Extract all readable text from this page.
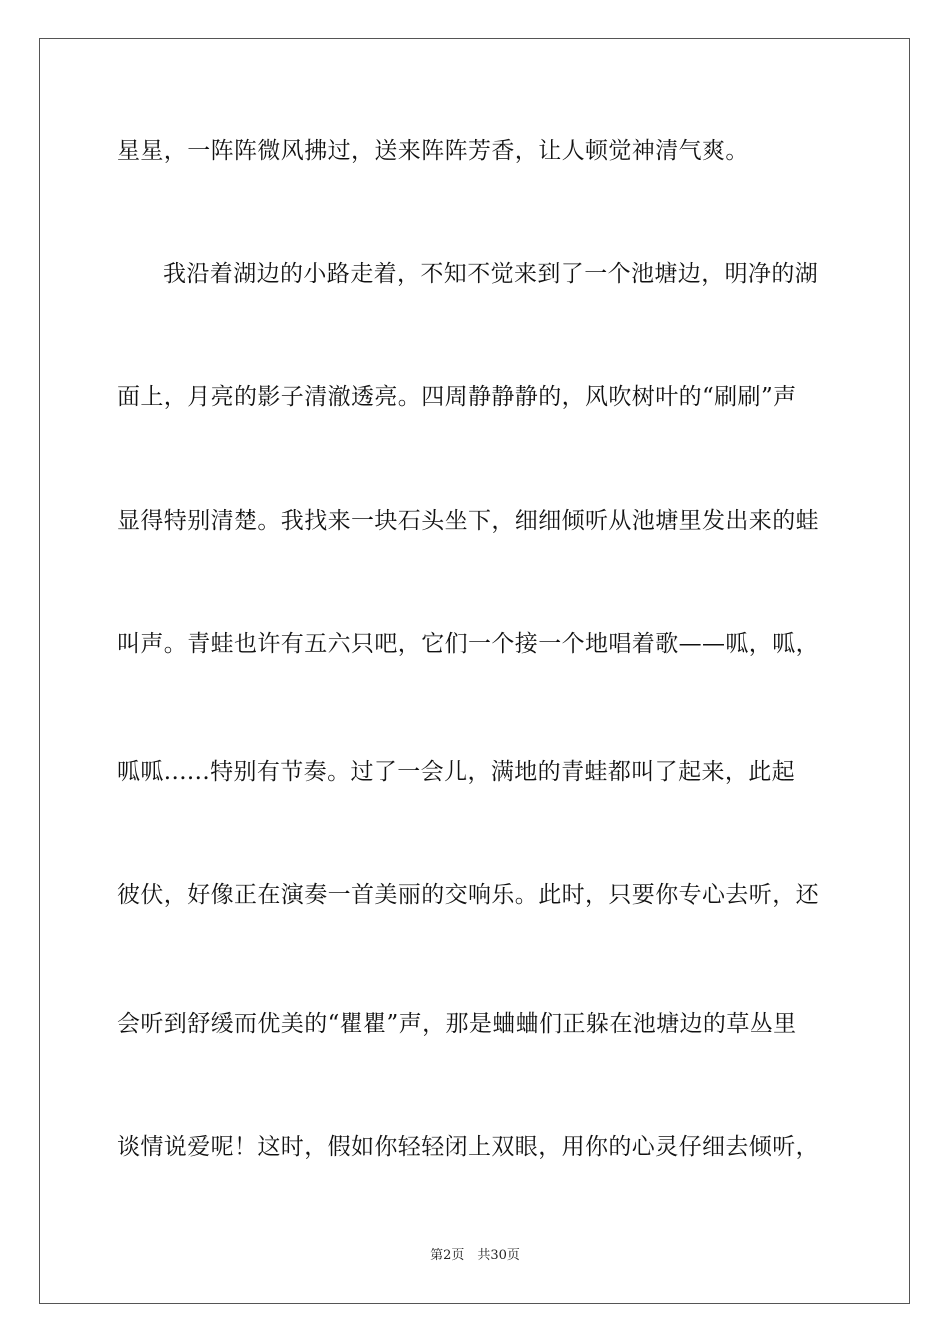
星星，一阵阵微风拂过，送来阵阵芳香，让人顿觉神清气爽。
我沿着湖边的小路走着，不知不觉来到了一个池塘边，明净的湖
面上，月亮的影子清澈透亮。四周静静静的，风吹树叶的“刷刷”声
显得特别清楚。我找来一块石头坐下，细细倾听从池塘里发出来的蛙
叫声。青蛙也许有五六只吧，它们一个接一个地唱着歌——呱，呱，
呱呱......特别有节奏。过了一会儿，满地的青蛙都叫了起来，此起
彼伏，好像正在演奏一首美丽的交响乐。此时，只要你专心去听，还
会听到舒缓而优美的“瞿瞿”声，那是蛐蛐们正躲在池塘边的草丛里
谈情说爱呢！这时，假如你轻轻闭上双眼，用你的心灵仔细去倾听，
第2页　共30页
